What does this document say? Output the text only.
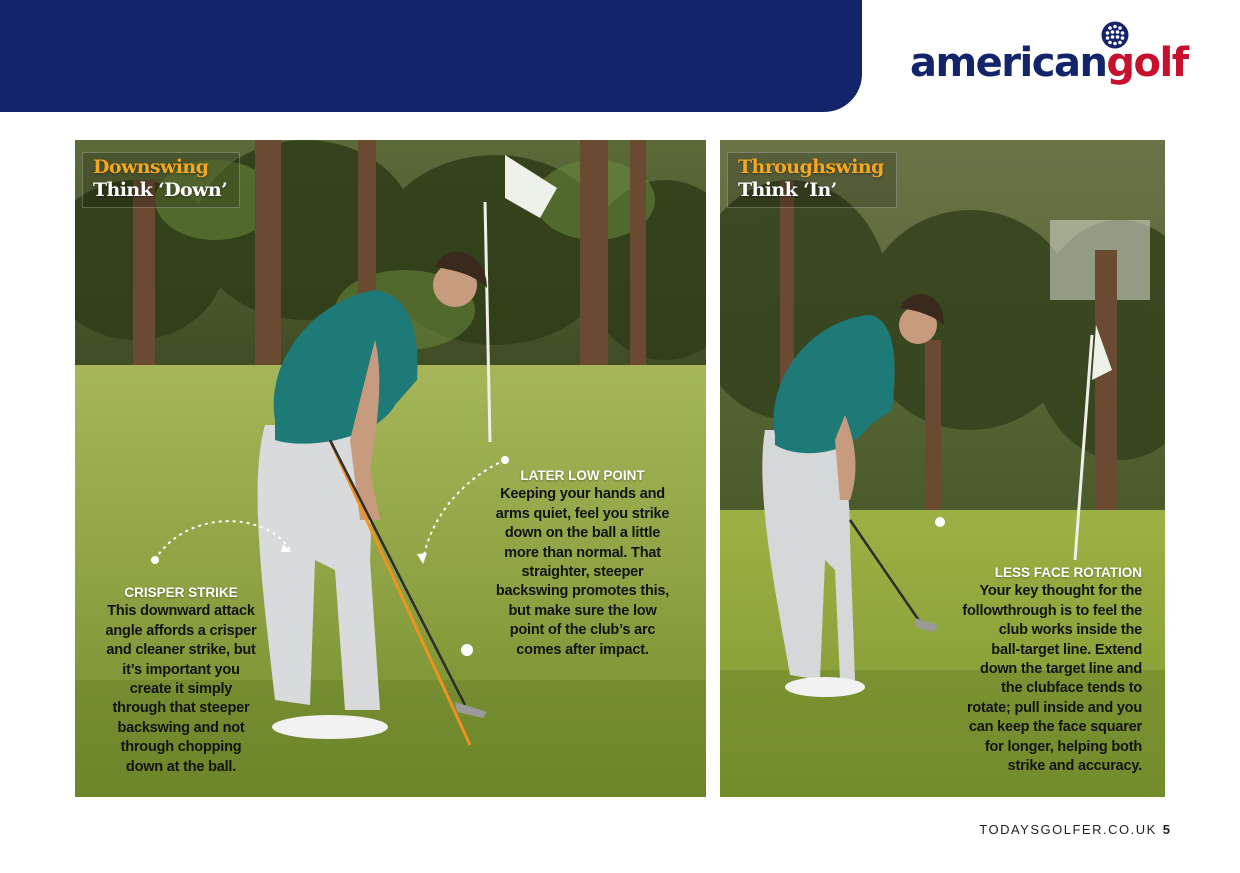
americangolf
Downswing
Think ‘Down’
CRISPER STRIKE
This downward attack
angle affords a crisper
and cleaner strike, but
it’s important you
create it simply
through that steeper
backswing and not
through chopping
down at the ball.
LATER LOW POINT
Keeping your hands and
arms quiet, feel you strike
down on the ball a little
more than normal. That
straighter, steeper
backswing promotes this,
but make sure the low
point of the club’s arc
comes after impact.
Throughswing
Think ‘In’
LESS FACE ROTATION
Your key thought for the
followthrough is to feel the
club works inside the
ball-target line. Extend
down the target line and
the clubface tends to
rotate; pull inside and you
can keep the face squarer
for longer, helping both
strike and accuracy.
TODAYSGOLFER.CO.UK 5
